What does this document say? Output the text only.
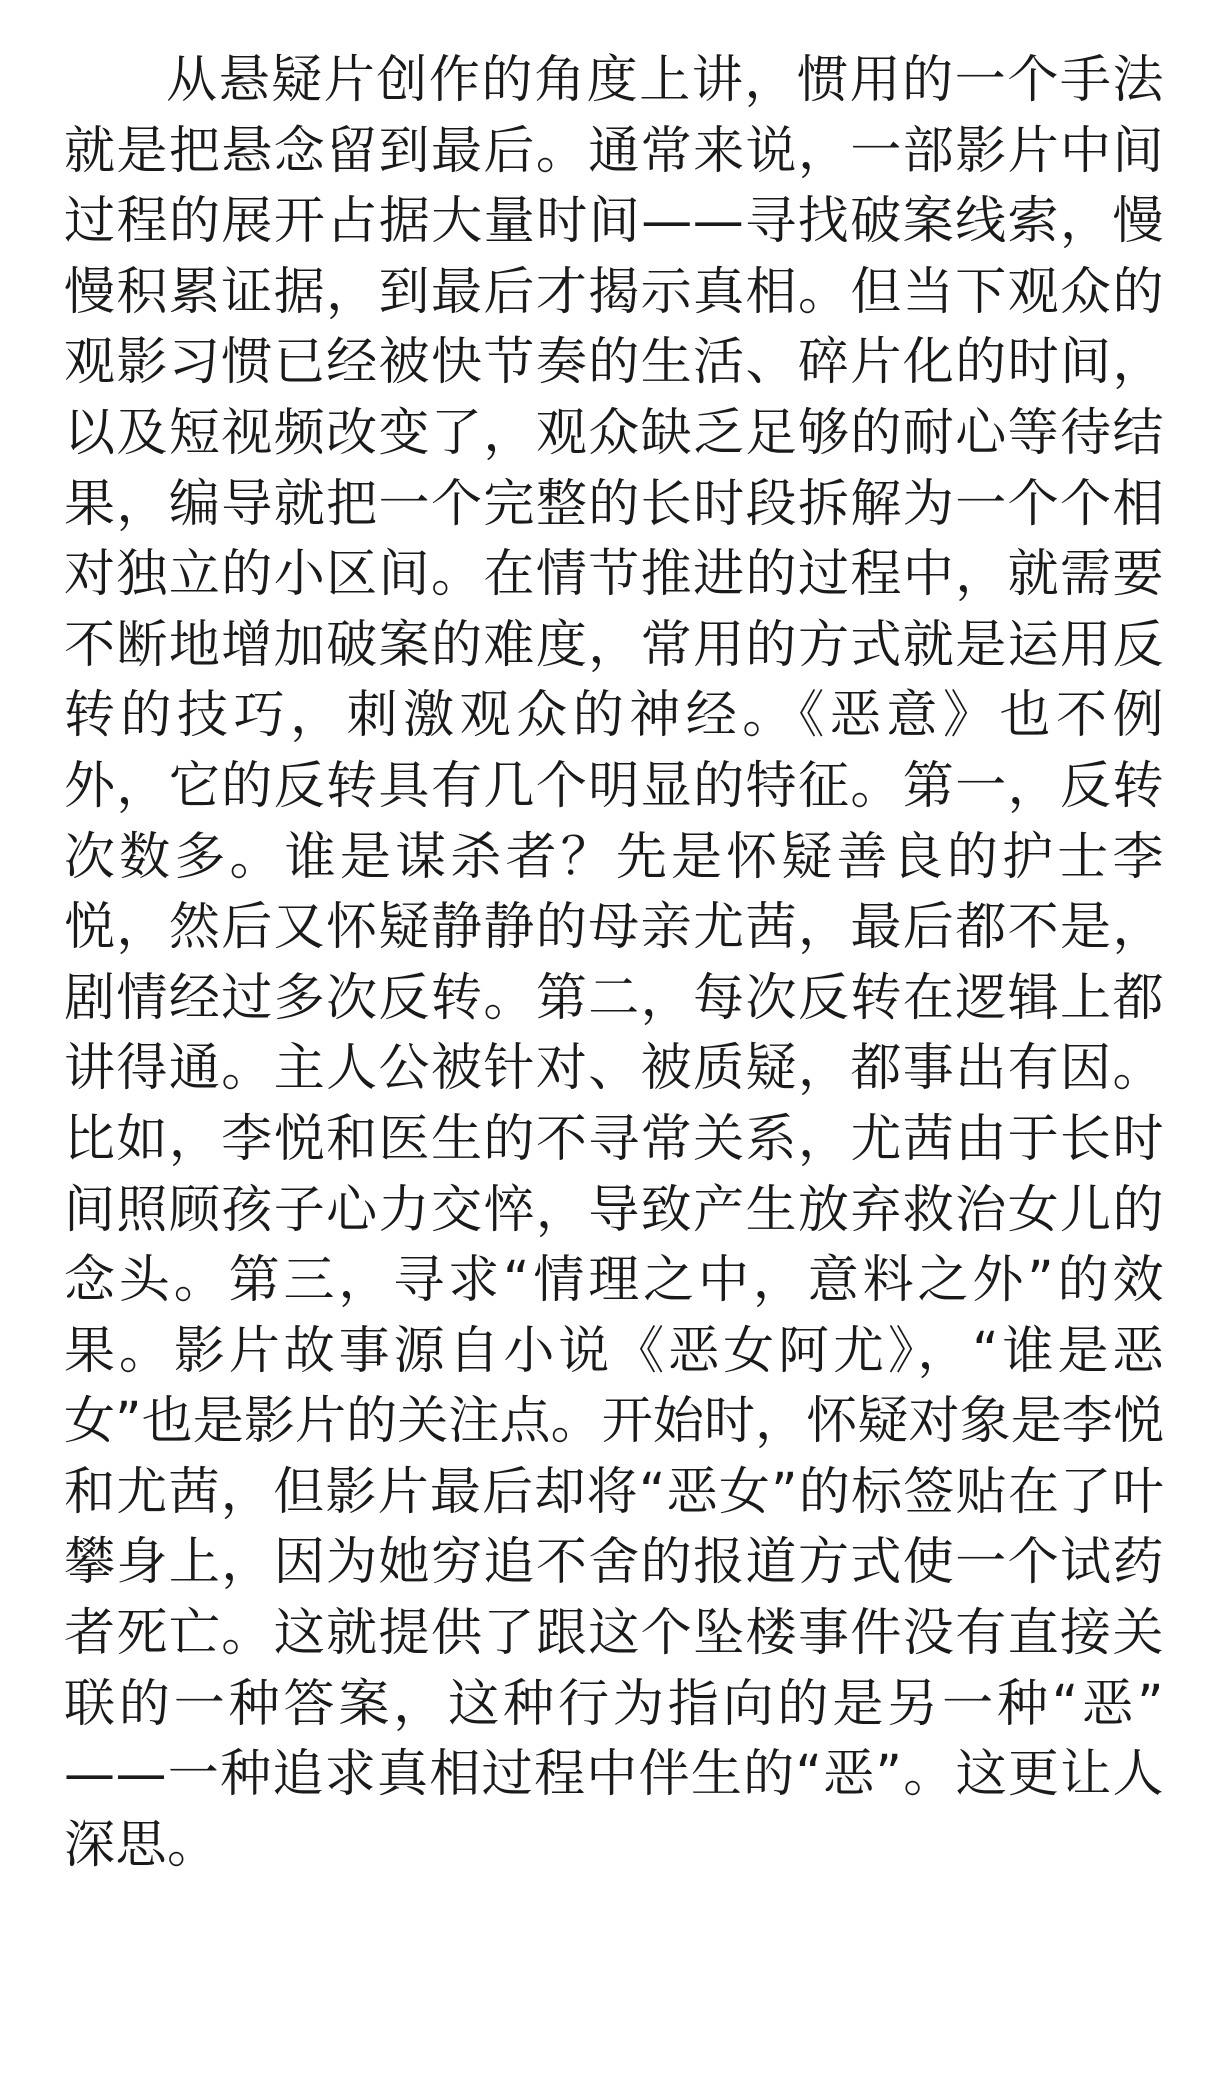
从悬疑片创作的角度上讲，惯用的一个手法
就是把悬念留到最后。通常来说，一部影片中间
过程的展开占据大量时间——寻找破案线索，慢
慢积累证据，到最后才揭示真相。但当下观众的
观影习惯已经被快节奏的生活、碎片化的时间，
以及短视频改变了，观众缺乏足够的耐心等待结
果，编导就把一个完整的长时段拆解为一个个相
对独立的小区间。在情节推进的过程中，就需要
不断地增加破案的难度，常用的方式就是运用反
转的技巧，刺激观众的神经。《恶意》也不例
外，它的反转具有几个明显的特征。第一，反转
次数多。谁是谋杀者？先是怀疑善良的护士李
悦，然后又怀疑静静的母亲尤茜，最后都不是，
剧情经过多次反转。第二，每次反转在逻辑上都
讲得通。主人公被针对、被质疑，都事出有因。
比如，李悦和医生的不寻常关系，尤茜由于长时
间照顾孩子心力交悴，导致产生放弃救治女儿的
念头。第三，寻求“情理之中，意料之外”的效
果。影片故事源自小说《恶女阿尤》，“谁是恶
女”也是影片的关注点。开始时，怀疑对象是李悦
和尤茜，但影片最后却将“恶女”的标签贴在了叶
攀身上，因为她穷追不舍的报道方式使一个试药
者死亡。这就提供了跟这个坠楼事件没有直接关
联的一种答案，这种行为指向的是另一种“恶”
——一种追求真相过程中伴生的“恶”。这更让人
深思。
